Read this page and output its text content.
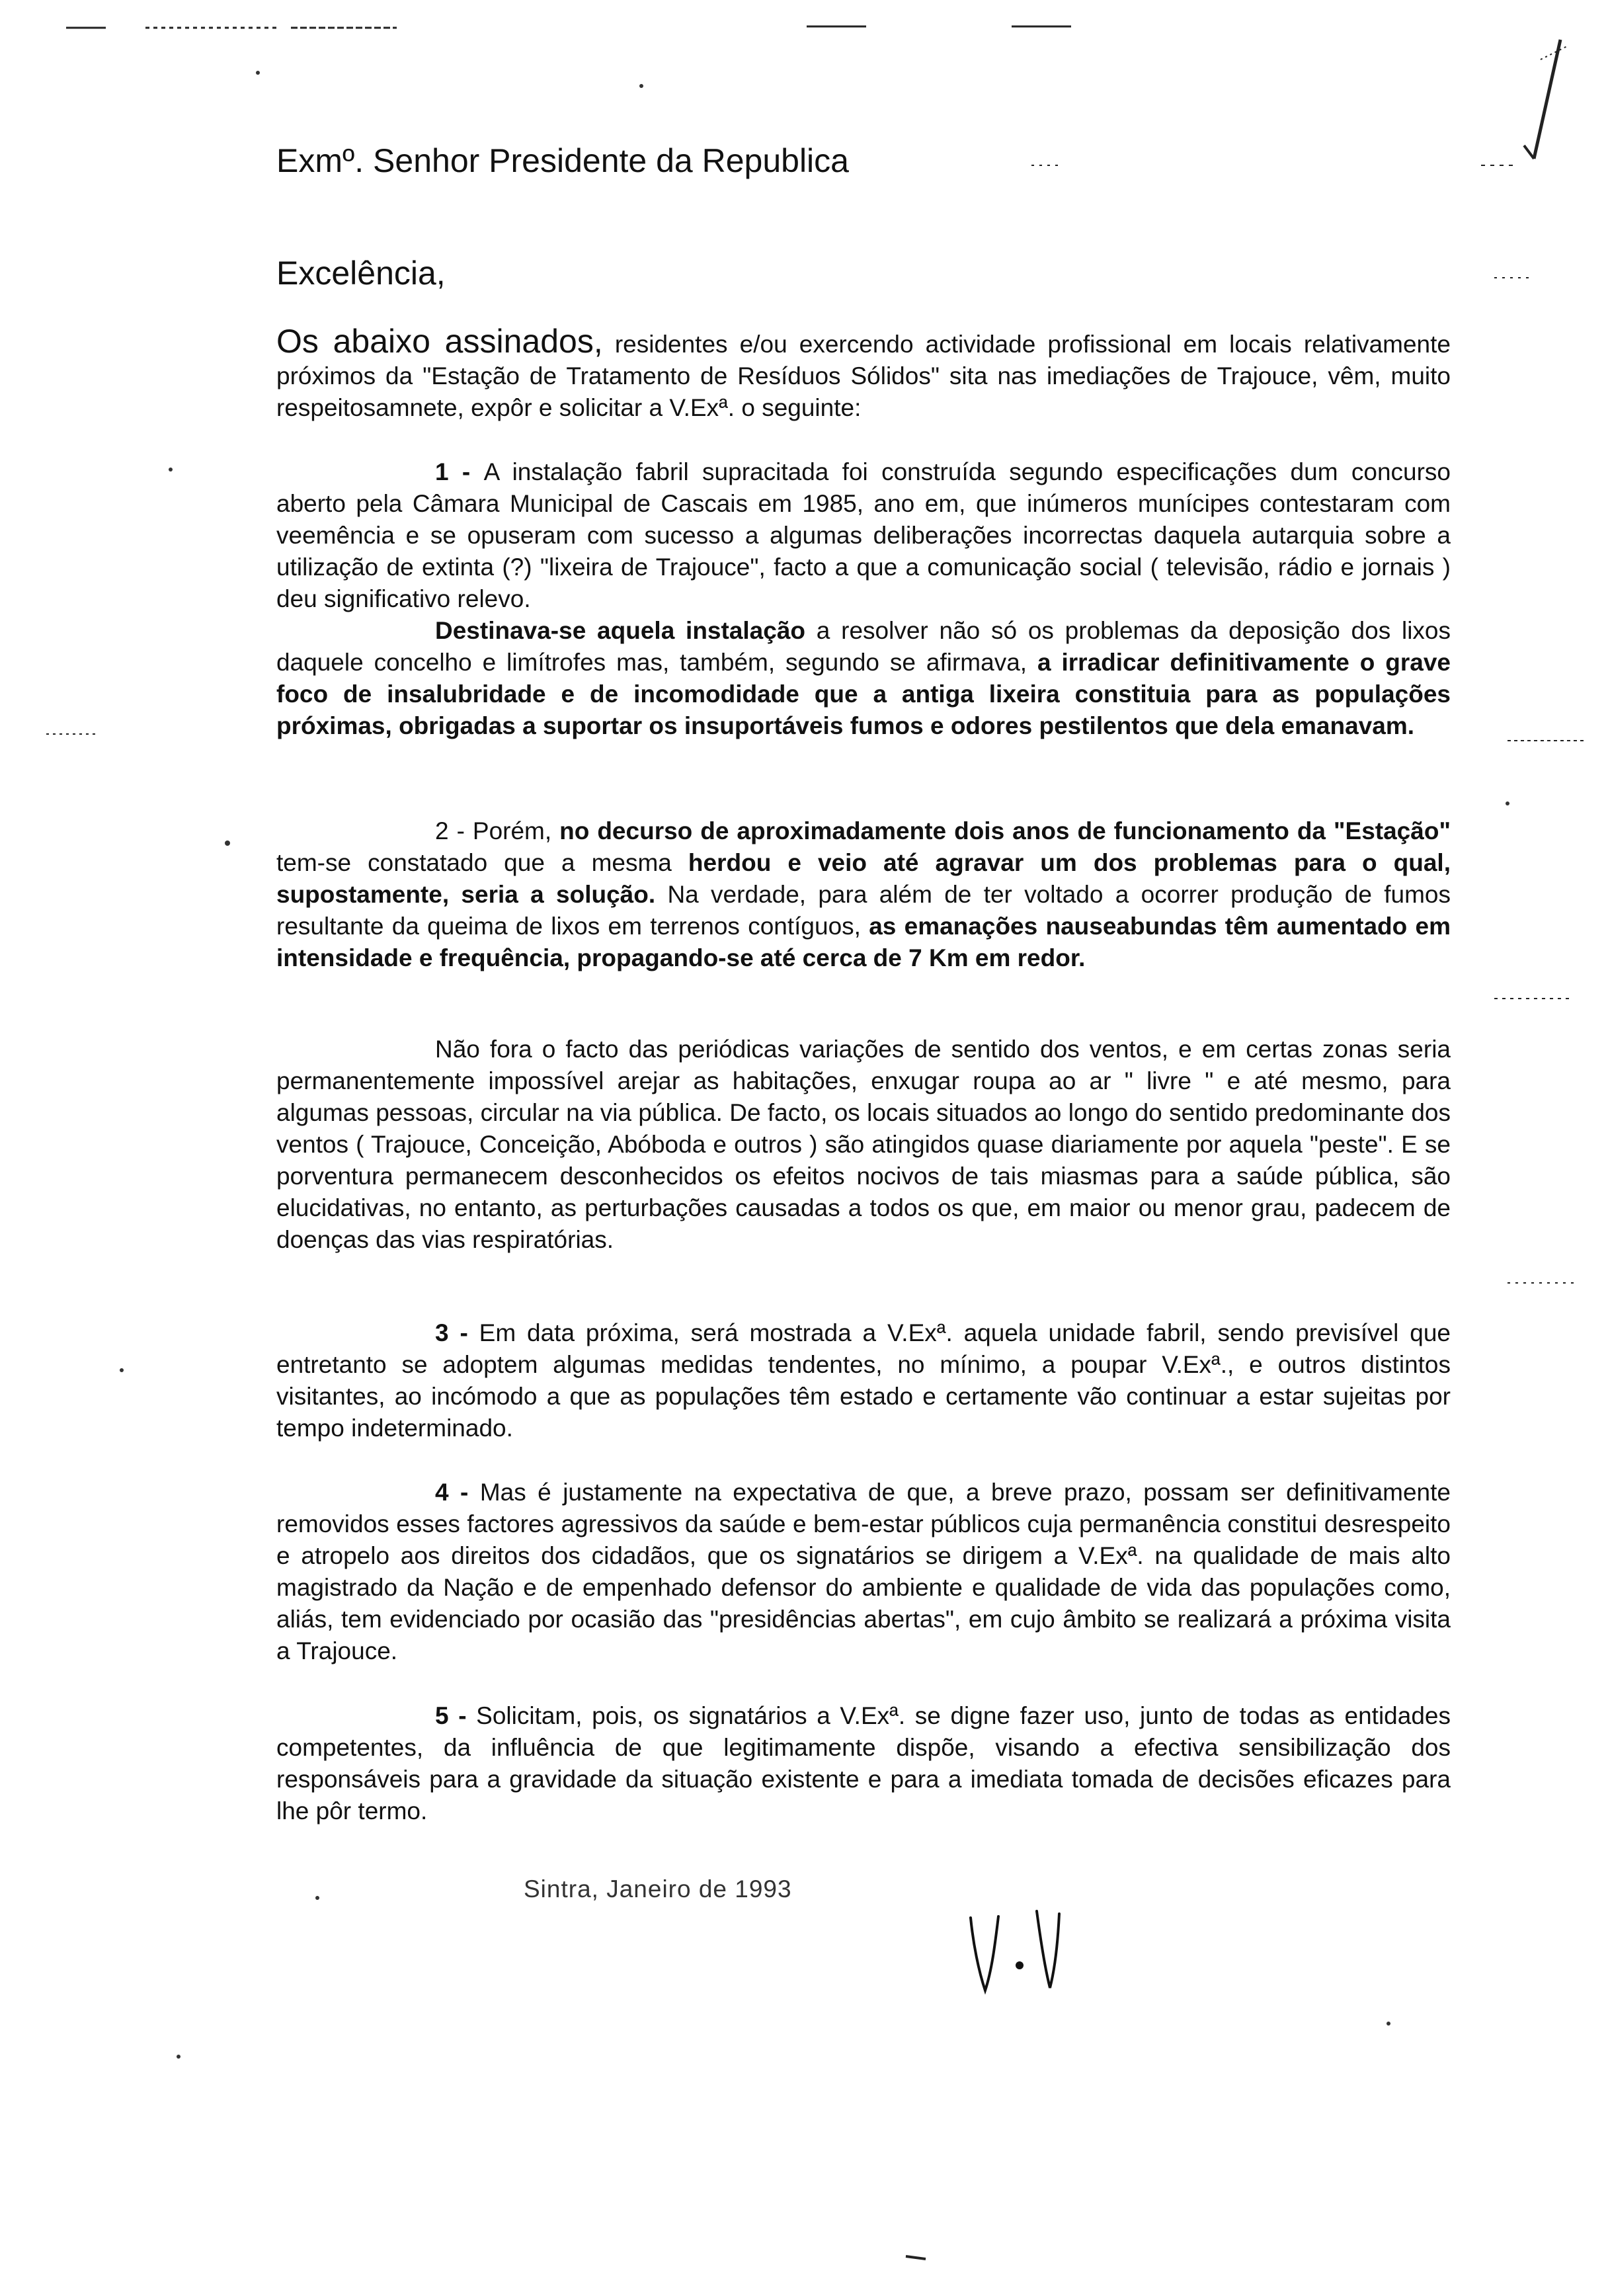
Exmº. Senhor Presidente da Republica
Excelência,

Os abaixo assinados, residentes e/ou exercendo actividade profissional em locais relativamente próximos da "Estação de Tratamento de Resíduos Sólidos" sita nas imediações de Trajouce, vêm, muito respeitosamnete, expôr e solicitar a V.Exª. o seguinte:

1 - A instalação fabril supracitada foi construída segundo especificações dum concurso aberto pela Câmara Municipal de Cascais em 1985, ano em, que inúmeros munícipes contestaram com veemência e se opuseram com sucesso a algumas deliberações incorrectas daquela autarquia sobre a utilização de extinta (?) "lixeira de Trajouce", facto a que a comunicação social ( televisão, rádio e jornais ) deu significativo relevo.

Destinava-se aquela instalação a resolver não só os problemas da deposição dos lixos daquele concelho e limítrofes mas, também, segundo se afirmava, a irradicar definitivamente o grave foco de insalubridade e de incomodidade que a antiga lixeira constituia para as populações próximas, obrigadas a suportar os insuportáveis fumos e odores pestilentos que dela emanavam.

2 - Porém, no decurso de aproximadamente dois anos de funcionamento da "Estação" tem-se constatado que a mesma herdou e veio até agravar um dos problemas para o qual, supostamente, seria a solução. Na verdade, para além de ter voltado a ocorrer produção de fumos resultante da queima de lixos em terrenos contíguos, as emanações nauseabundas têm aumentado em intensidade e frequência, propagando-se até cerca de 7 Km em redor.

Não fora o facto das periódicas variações de sentido dos ventos, e em certas zonas seria permanentemente impossível arejar as habitações, enxugar roupa ao ar " livre " e até mesmo, para algumas pessoas, circular na via pública. De facto, os locais situados ao longo do sentido predominante dos ventos ( Trajouce, Conceição, Abóboda e outros ) são atingidos quase diariamente por aquela "peste". E se porventura permanecem desconhecidos os efeitos nocivos de tais miasmas para a saúde pública, são elucidativas, no entanto, as perturbações causadas a todos os que, em maior ou menor grau, padecem de doenças das vias respiratórias.

3 - Em data próxima, será mostrada a V.Exª. aquela unidade fabril, sendo previsível que entretanto se adoptem algumas medidas tendentes, no mínimo, a poupar V.Exª., e outros distintos visitantes, ao incómodo a que as populações têm estado e certamente vão continuar a estar sujeitas por tempo indeterminado.

4 - Mas é justamente na expectativa de que, a breve prazo, possam ser definitivamente removidos esses factores agressivos da saúde e bem-estar públicos cuja permanência constitui desrespeito e atropelo aos direitos dos cidadãos, que os signatários se dirigem a V.Exª. na qualidade de mais alto magistrado da Nação e de empenhado defensor do ambiente e qualidade de vida das populações como, aliás, tem evidenciado por ocasião das "presidências abertas", em cujo âmbito se realizará a próxima visita a Trajouce.

5 - Solicitam, pois, os signatários a V.Exª. se digne fazer uso, junto de todas as entidades competentes, da influência de que legitimamente dispõe, visando a efectiva sensibilização dos responsáveis para a gravidade da situação existente e para a imediata tomada de decisões eficazes para lhe pôr termo.

Sintra, Janeiro de 1993
